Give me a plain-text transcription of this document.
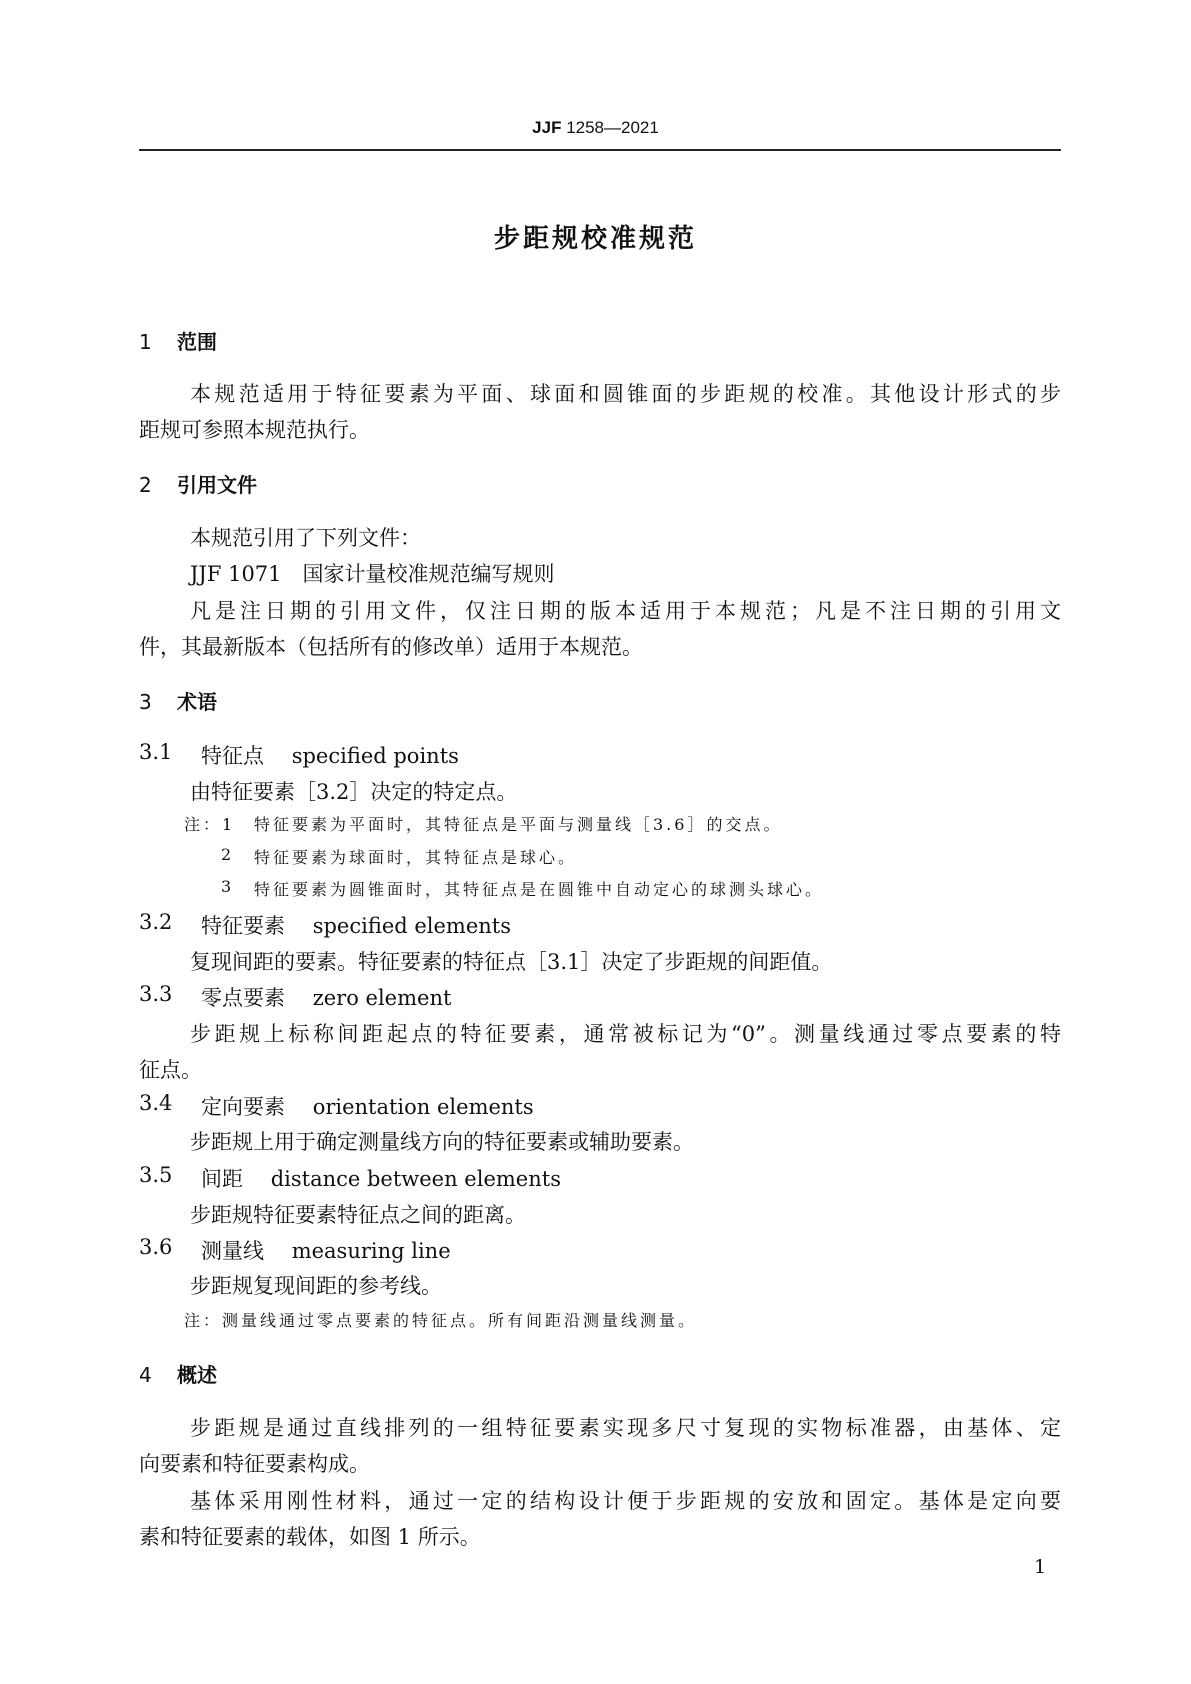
JJF 1258—2021
步距规校准规范
1 范围
本规范适用于特征要素为平面、球面和圆锥面的步距规的校准。其他设计形式的步
距规可参照本规范执行。
2 引用文件
本规范引用了下列文件：
JJF 1071　国家计量校准规范编写规则
凡是注日期的引用文件，仅注日期的版本适用于本规范；凡是不注日期的引用文
件，其最新版本（包括所有的修改单）适用于本规范。
3 术语
3.1 特征点　 specified points
由特征要素［3.2］决定的特定点。
注：1 特征要素为平面时，其特征点是平面与测量线［3.6］的交点。
2 特征要素为球面时，其特征点是球心。
3 特征要素为圆锥面时，其特征点是在圆锥中自动定心的球测头球心。
3.2 特征要素　 specified elements
复现间距的要素。特征要素的特征点［3.1］决定了步距规的间距值。
3.3 零点要素　 zero element
步距规上标称间距起点的特征要素，通常被标记为“0”。测量线通过零点要素的特
征点。
3.4 定向要素　 orientation elements
步距规上用于确定测量线方向的特征要素或辅助要素。
3.5 间距　 distance between elements
步距规特征要素特征点之间的距离。
3.6 测量线　 measuring line
步距规复现间距的参考线。
注：测量线通过零点要素的特征点。所有间距沿测量线测量。
4 概述
步距规是通过直线排列的一组特征要素实现多尺寸复现的实物标准器，由基体、定
向要素和特征要素构成。
基体采用刚性材料，通过一定的结构设计便于步距规的安放和固定。基体是定向要
素和特征要素的载体，如图 1 所示。
1
